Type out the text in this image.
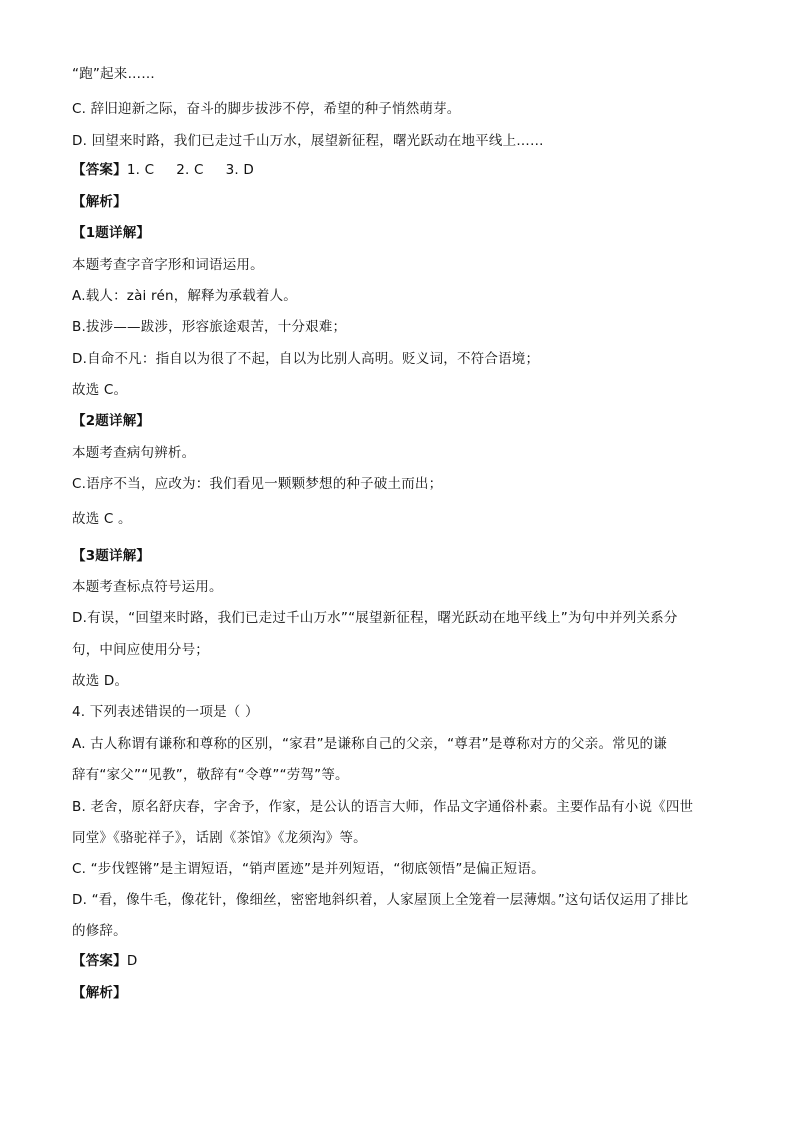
“跑”起来……
C. 辞旧迎新之际，奋斗的脚步拔涉不停，希望的种子悄然萌芽。
D. 回望来时路，我们已走过千山万水，展望新征程，曙光跃动在地平线上……
【答案】1. C 2. C 3. D
【解析】
【1题详解】
本题考查字音字形和词语运用。
A.载人：zài rén，解释为承载着人。
B.拔涉——跋涉，形容旅途艰苦，十分艰难；
D.自命不凡：指自以为很了不起，自以为比别人高明。贬义词，不符合语境；
故选 C。
【2题详解】
本题考查病句辨析。
C.语序不当，应改为：我们看见一颗颗梦想的种子破土而出；
故选 C 。
【3题详解】
本题考查标点符号运用。
D.有误，“回望来时路，我们已走过千山万水”“展望新征程，曙光跃动在地平线上”为句中并列关系分
句，中间应使用分号；
故选 D。
4. 下列表述错误的一项是（ ）
A. 古人称谓有谦称和尊称的区别，“家君”是谦称自己的父亲，“尊君”是尊称对方的父亲。常见的谦
辞有“家父”“见教”，敬辞有“令尊”“劳驾”等。
B. 老舍，原名舒庆春，字舍予，作家，是公认的语言大师，作品文字通俗朴素。主要作品有小说《四世
同堂》《骆驼祥子》，话剧《茶馆》《龙须沟》等。
C. “步伐铿锵”是主谓短语，“销声匿迹”是并列短语，“彻底领悟”是偏正短语。
D. “看，像牛毛，像花针，像细丝，密密地斜织着，人家屋顶上全笼着一层薄烟。”这句话仅运用了排比
的修辞。
【答案】D
【解析】
